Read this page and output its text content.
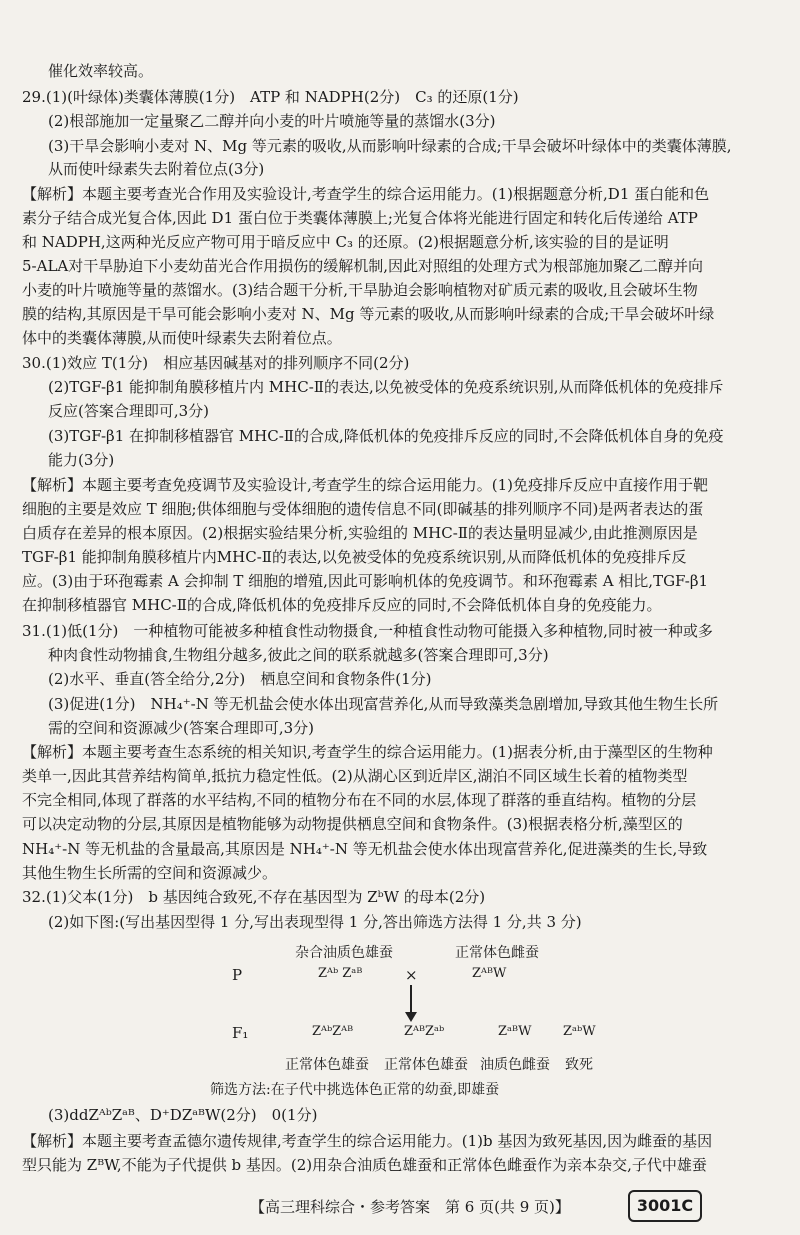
催化效率较高。
29.(1)(叶绿体)类囊体薄膜(1分)　ATP 和 NADPH(2分)　C₃ 的还原(1分)
(2)根部施加一定量聚乙二醇并向小麦的叶片喷施等量的蒸馏水(3分)
(3)干旱会影响小麦对 N、Mg 等元素的吸收,从而影响叶绿素的合成;干旱会破坏叶绿体中的类囊体薄膜,
从而使叶绿素失去附着位点(3分)
【解析】本题主要考查光合作用及实验设计,考查学生的综合运用能力。(1)根据题意分析,D1 蛋白能和色
素分子结合成光复合体,因此 D1 蛋白位于类囊体薄膜上;光复合体将光能进行固定和转化后传递给 ATP
和 NADPH,这两种光反应产物可用于暗反应中 C₃ 的还原。(2)根据题意分析,该实验的目的是证明
5-ALA对干旱胁迫下小麦幼苗光合作用损伤的缓解机制,因此对照组的处理方式为根部施加聚乙二醇并向
小麦的叶片喷施等量的蒸馏水。(3)结合题干分析,干旱胁迫会影响植物对矿质元素的吸收,且会破坏生物
膜的结构,其原因是干旱可能会影响小麦对 N、Mg 等元素的吸收,从而影响叶绿素的合成;干旱会破坏叶绿
体中的类囊体薄膜,从而使叶绿素失去附着位点。
30.(1)效应 T(1分)　相应基因碱基对的排列顺序不同(2分)
(2)TGF-β1 能抑制角膜移植片内 MHC-Ⅱ的表达,以免被受体的免疫系统识别,从而降低机体的免疫排斥
反应(答案合理即可,3分)
(3)TGF-β1 在抑制移植器官 MHC-Ⅱ的合成,降低机体的免疫排斥反应的同时,不会降低机体自身的免疫
能力(3分)
【解析】本题主要考查免疫调节及实验设计,考查学生的综合运用能力。(1)免疫排斥反应中直接作用于靶
细胞的主要是效应 T 细胞;供体细胞与受体细胞的遗传信息不同(即碱基的排列顺序不同)是两者表达的蛋
白质存在差异的根本原因。(2)根据实验结果分析,实验组的 MHC-Ⅱ的表达量明显减少,由此推测原因是
TGF-β1 能抑制角膜移植片内MHC-Ⅱ的表达,以免被受体的免疫系统识别,从而降低机体的免疫排斥反
应。(3)由于环孢霉素 A 会抑制 T 细胞的增殖,因此可影响机体的免疫调节。和环孢霉素 A 相比,TGF-β1
在抑制移植器官 MHC-Ⅱ的合成,降低机体的免疫排斥反应的同时,不会降低机体自身的免疫能力。
31.(1)低(1分)　一种植物可能被多种植食性动物摄食,一种植食性动物可能摄入多种植物,同时被一种或多
种肉食性动物捕食,生物组分越多,彼此之间的联系就越多(答案合理即可,3分)
(2)水平、垂直(答全给分,2分)　栖息空间和食物条件(1分)
(3)促进(1分)　NH₄⁺-N 等无机盐会使水体出现富营养化,从而导致藻类急剧增加,导致其他生物生长所
需的空间和资源减少(答案合理即可,3分)
【解析】本题主要考查生态系统的相关知识,考查学生的综合运用能力。(1)据表分析,由于藻型区的生物种
类单一,因此其营养结构简单,抵抗力稳定性低。(2)从湖心区到近岸区,湖泊不同区域生长着的植物类型
不完全相同,体现了群落的水平结构,不同的植物分布在不同的水层,体现了群落的垂直结构。植物的分层
可以决定动物的分层,其原因是植物能够为动物提供栖息空间和食物条件。(3)根据表格分析,藻型区的
NH₄⁺-N 等无机盐的含量最高,其原因是 NH₄⁺-N 等无机盐会使水体出现富营养化,促进藻类的生长,导致
其他生物生长所需的空间和资源减少。
32.(1)父本(1分)　b 基因纯合致死,不存在基因型为 ZᵇW 的母本(2分)
(2)如下图:(写出基因型得 1 分,写出表现型得 1 分,答出筛选方法得 1 分,共 3 分)
杂合油质色雄蚕	正常体色雌蚕
P	Zᴬᵇ Zᵃᴮ	×	ZᴬᴮW
F₁	ZᴬᵇZᴬᴮ	ZᴬᴮZᵃᵇ	ZᵃᴮW ZᵃᵇW
正常体色雄蚕 正常体色雄蚕 油质色雌蚕 致死
筛选方法:在子代中挑选体色正常的幼蚕,即雄蚕
(3)ddZᴬᵇZᵃᴮ、D⁺DZᵃᴮW(2分)　0(1分)
【解析】本题主要考查孟德尔遗传规律,考查学生的综合运用能力。(1)b 基因为致死基因,因为雌蚕的基因
型只能为 ZᴮW,不能为子代提供 b 基因。(2)用杂合油质色雄蚕和正常体色雌蚕作为亲本杂交,子代中雄蚕
【高三理科综合・参考答案　第 6 页(共 9 页)】	3001C
